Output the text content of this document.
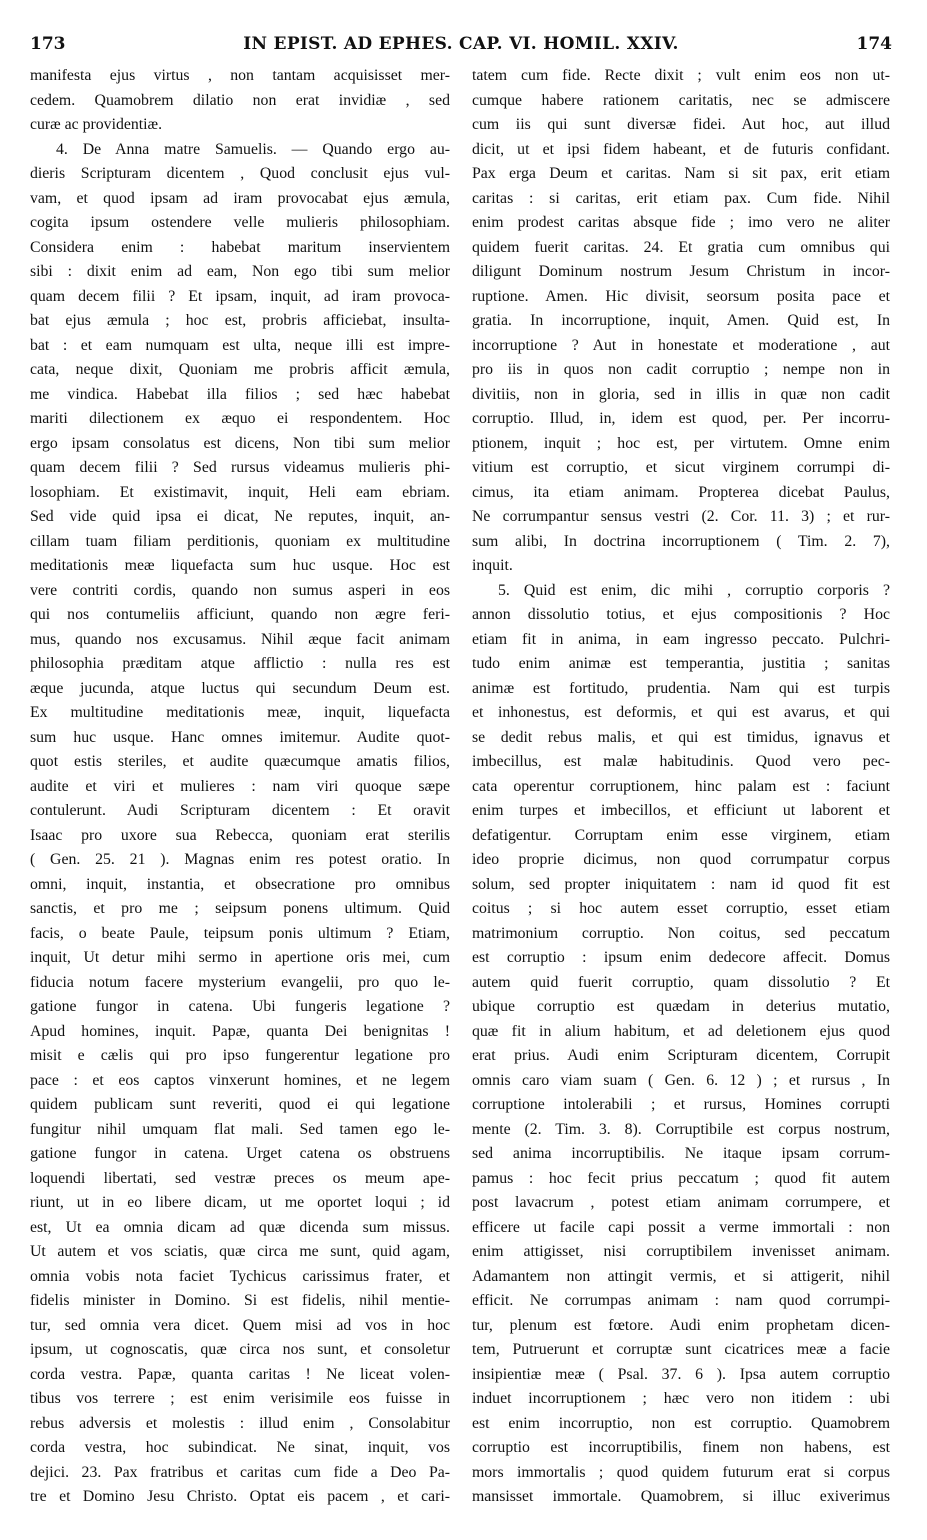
173	IN EPIST. AD EPHES. CAP. VI. HOMIL. XXIV.	174
manifesta ejus virtus , non tantam acquisisset mer-
cedem. Quamobrem dilatio non erat invidiæ , sed
curæ ac providentiæ.
4. De Anna matre Samuelis. — Quando ergo au-
dieris Scripturam dicentem , Quod conclusit ejus vul-
vam, et quod ipsam ad iram provocabat ejus æmula,
cogita ipsum ostendere velle mulieris philosophiam.
Considera enim : habebat maritum inservientem
sibi : dixit enim ad eam, Non ego tibi sum melior
quam decem filii ? Et ipsam, inquit, ad iram provoca-
bat ejus æmula ; hoc est, probris afficiebat, insulta-
bat : et eam numquam est ulta, neque illi est impre-
cata, neque dixit, Quoniam me probris afficit æmula,
me vindica. Habebat illa filios ; sed hæc habebat
mariti dilectionem ex æquo ei respondentem. Hoc
ergo ipsam consolatus est dicens, Non tibi sum melior
quam decem filii ? Sed rursus videamus mulieris phi-
losophiam. Et existimavit, inquit, Heli eam ebriam.
Sed vide quid ipsa ei dicat, Ne reputes, inquit, an-
cillam tuam filiam perditionis, quoniam ex multitudine
meditationis meæ liquefacta sum huc usque. Hoc est
vere contriti cordis, quando non sumus asperi in eos
qui nos contumeliis afficiunt, quando non ægre feri-
mus, quando nos excusamus. Nihil æque facit animam
philosophia præditam atque afflictio : nulla res est
æque jucunda, atque luctus qui secundum Deum est.
Ex multitudine meditationis meæ, inquit, liquefacta
sum huc usque. Hanc omnes imitemur. Audite quot-
quot estis steriles, et audite quæcumque amatis filios,
audite et viri et mulieres : nam viri quoque sæpe
contulerunt. Audi Scripturam dicentem : Et oravit
Isaac pro uxore sua Rebecca, quoniam erat sterilis
( Gen. 25. 21 ). Magnas enim res potest oratio. In
omni, inquit, instantia, et obsecratione pro omnibus
sanctis, et pro me ; seipsum ponens ultimum. Quid
facis, o beate Paule, teipsum ponis ultimum ? Etiam,
inquit, Ut detur mihi sermo in apertione oris mei, cum
fiducia notum facere mysterium evangelii, pro quo le-
gatione fungor in catena. Ubi fungeris legatione ?
Apud homines, inquit. Papæ, quanta Dei benignitas !
misit e cælis qui pro ipso fungerentur legatione pro
pace : et eos captos vinxerunt homines, et ne legem
quidem publicam sunt reveriti, quod ei qui legatione
fungitur nihil umquam flat mali. Sed tamen ego le-
gatione fungor in catena. Urget catena os obstruens
loquendi libertati, sed vestræ preces os meum ape-
riunt, ut in eo libere dicam, ut me oportet loqui ; id
est, Ut ea omnia dicam ad quæ dicenda sum missus.
Ut autem et vos sciatis, quæ circa me sunt, quid agam,
omnia vobis nota faciet Tychicus carissimus frater, et
fidelis minister in Domino. Si est fidelis, nihil mentie-
tur, sed omnia vera dicet. Quem misi ad vos in hoc
ipsum, ut cognoscatis, quæ circa nos sunt, et consoletur
corda vestra. Papæ, quanta caritas ! Ne liceat volen-
tibus vos terrere ; est enim verisimile eos fuisse in
rebus adversis et molestis : illud enim , Consolabitur
corda vestra, hoc subindicat. Ne sinat, inquit, vos
dejici. 23. Pax fratribus et caritas cum fide a Deo Pa-
tre et Domino Jesu Christo. Optat eis pacem , et cari-
tatem cum fide. Recte dixit ; vult enim eos non ut-
cumque habere rationem caritatis, nec se admiscere
cum iis qui sunt diversæ fidei. Aut hoc, aut illud
dicit, ut et ipsi fidem habeant, et de futuris confidant.
Pax erga Deum et caritas. Nam si sit pax, erit etiam
caritas : si caritas, erit etiam pax. Cum fide. Nihil
enim prodest caritas absque fide ; imo vero ne aliter
quidem fuerit caritas. 24. Et gratia cum omnibus qui
diligunt Dominum nostrum Jesum Christum in incor-
ruptione. Amen. Hic divisit, seorsum posita pace et
gratia. In incorruptione, inquit, Amen. Quid est, In
incorruptione ? Aut in honestate et moderatione , aut
pro iis in quos non cadit corruptio ; nempe non in
divitiis, non in gloria, sed in illis in quæ non cadit
corruptio. Illud, in, idem est quod, per. Per incorru-
ptionem, inquit ; hoc est, per virtutem. Omne enim
vitium est corruptio, et sicut virginem corrumpi di-
cimus, ita etiam animam. Propterea dicebat Paulus,
Ne corrumpantur sensus vestri (2. Cor. 11. 3) ; et rur-
sum alibi, In doctrina incorruptionem ( Tim. 2. 7),
inquit.
5. Quid est enim, dic mihi , corruptio corporis ?
annon dissolutio totius, et ejus compositionis ? Hoc
etiam fit in anima, in eam ingresso peccato. Pulchri-
tudo enim animæ est temperantia, justitia ; sanitas
animæ est fortitudo, prudentia. Nam qui est turpis
et inhonestus, est deformis, et qui est avarus, et qui
se dedit rebus malis, et qui est timidus, ignavus et
imbecillus, est malæ habitudinis. Quod vero pec-
cata operentur corruptionem, hinc palam est : faciunt
enim turpes et imbecillos, et efficiunt ut laborent et
defatigentur. Corruptam enim esse virginem, etiam
ideo proprie dicimus, non quod corrumpatur corpus
solum, sed propter iniquitatem : nam id quod fit est
coitus ; si hoc autem esset corruptio, esset etiam
matrimonium corruptio. Non coitus, sed peccatum
est corruptio : ipsum enim dedecore affecit. Domus
autem quid fuerit corruptio, quam dissolutio ? Et
ubique corruptio est quædam in deterius mutatio,
quæ fit in alium habitum, et ad deletionem ejus quod
erat prius. Audi enim Scripturam dicentem, Corrupit
omnis caro viam suam ( Gen. 6. 12 ) ; et rursus , In
corruptione intolerabili ; et rursus, Homines corrupti
mente (2. Tim. 3. 8). Corruptibile est corpus nostrum,
sed anima incorruptibilis. Ne itaque ipsam corrum-
pamus : hoc fecit prius peccatum ; quod fit autem
post lavacrum , potest etiam animam corrumpere, et
efficere ut facile capi possit a verme immortali : non
enim attigisset, nisi corruptibilem invenisset animam.
Adamantem non attingit vermis, et si attigerit, nihil
efficit. Ne corrumpas animam : nam quod corrumpi-
tur, plenum est fœtore. Audi enim prophetam dicen-
tem, Putruerunt et corruptæ sunt cicatrices meæ a facie
insipientiæ meæ ( Psal. 37. 6 ). Ipsa autem corruptio
induet incorruptionem ; hæc vero non itidem : ubi
est enim incorruptio, non est corruptio. Quamobrem
corruptio est incorruptibilis, finem non habens, est
mors immortalis ; quod quidem futurum erat si corpus
mansisset immortale. Quamobrem, si illuc exiverimus
